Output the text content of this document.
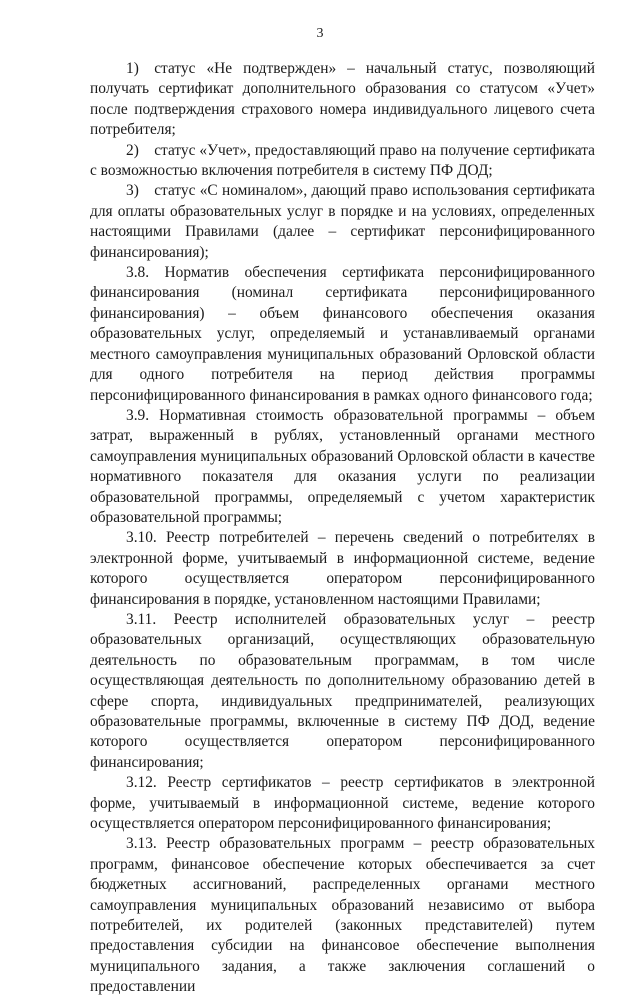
3

1) статус «Не подтвержден» – начальный статус, позволяющий получать сертификат дополнительного образования со статусом «Учет» после подтверждения страхового номера индивидуального лицевого счета потребителя;

2) статус «Учет», предоставляющий право на получение сертификата с возможностью включения потребителя в систему ПФ ДОД;

3) статус «С номиналом», дающий право использования сертификата для оплаты образовательных услуг в порядке и на условиях, определенных настоящими Правилами (далее – сертификат персонифицированного финансирования);

3.8. Норматив обеспечения сертификата персонифицированного финансирования (номинал сертификата персонифицированного финансирования) – объем финансового обеспечения оказания образовательных услуг, определяемый и устанавливаемый органами местного самоуправления муниципальных образований Орловской области для одного потребителя на период действия программы персонифицированного финансирования в рамках одного финансового года;

3.9. Нормативная стоимость образовательной программы – объем затрат, выраженный в рублях, установленный органами местного самоуправления муниципальных образований Орловской области в качестве нормативного показателя для оказания услуги по реализации образовательной программы, определяемый с учетом характеристик образовательной программы;

3.10. Реестр потребителей – перечень сведений о потребителях в электронной форме, учитываемый в информационной системе, ведение которого осуществляется оператором персонифицированного финансирования в порядке, установленном настоящими Правилами;

3.11. Реестр исполнителей образовательных услуг – реестр образовательных организаций, осуществляющих образовательную деятельность по образовательным программам, в том числе осуществляющая деятельность по дополнительному образованию детей в сфере спорта, индивидуальных предпринимателей, реализующих образовательные программы, включенные в систему ПФ ДОД, ведение которого осуществляется оператором персонифицированного финансирования;

3.12. Реестр сертификатов – реестр сертификатов в электронной форме, учитываемый в информационной системе, ведение которого осуществляется оператором персонифицированного финансирования;

3.13. Реестр образовательных программ – реестр образовательных программ, финансовое обеспечение которых обеспечивается за счет бюджетных ассигнований, распределенных органами местного самоуправления муниципальных образований независимо от выбора потребителей, их родителей (законных представителей) путем предоставления субсидии на финансовое обеспечение выполнения муниципального задания, а также заключения соглашений о предоставлении
